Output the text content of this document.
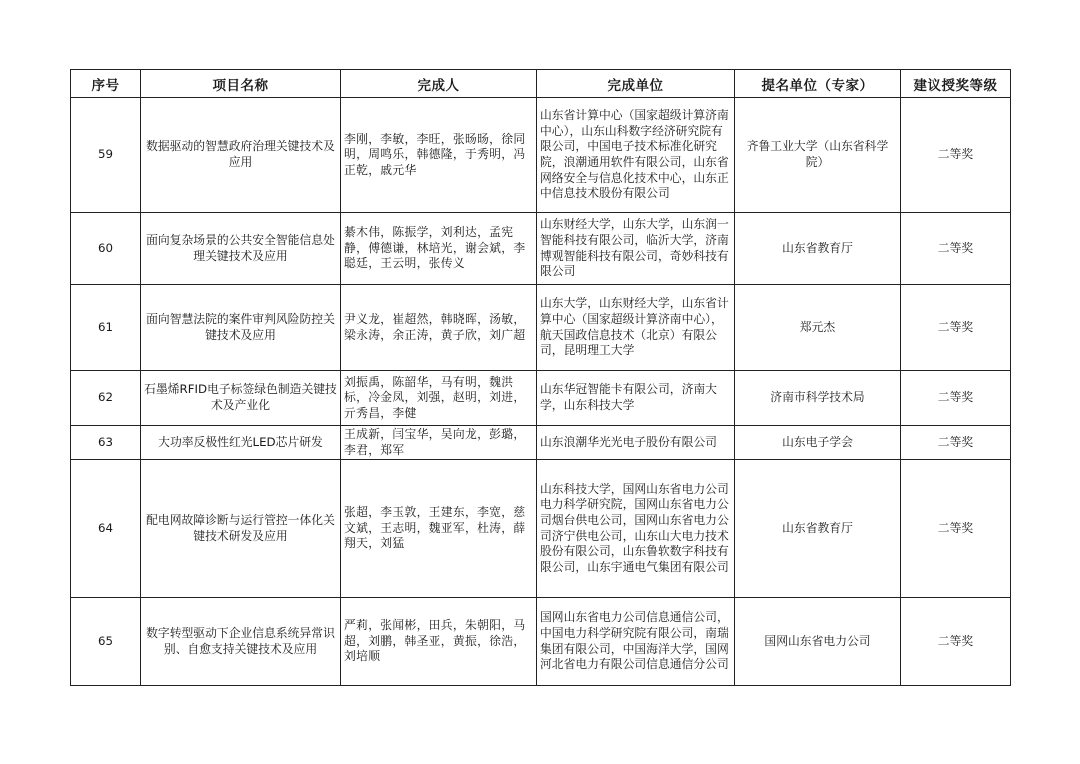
序号	项目名称	完成人	完成单位	提名单位（专家）	建议授奖等级
59	数据驱动的智慧政府治理关键技术及应用	李刚，李敏，李旺，张旸旸，徐同明，周鸣乐，韩德隆，于秀明，冯正乾，戚元华	山东省计算中心（国家超级计算济南中心），山东山科数字经济研究院有限公司，中国电子技术标准化研究院，浪潮通用软件有限公司，山东省网络安全与信息化技术中心，山东正中信息技术股份有限公司	齐鲁工业大学（山东省科学院）	二等奖
60	面向复杂场景的公共安全智能信息处理关键技术及应用	綦木伟，陈振学，刘利达，孟宪静，傅德谦，林培光，谢会斌，李聪廷，王云明，张传义	山东财经大学，山东大学，山东润一智能科技有限公司，临沂大学，济南博观智能科技有限公司，奇妙科技有限公司	山东省教育厅	二等奖
61	面向智慧法院的案件审判风险防控关键技术及应用	尹义龙，崔超然，韩晓晖，汤敏，梁永涛，余正涛，黄子欣，刘广超	山东大学，山东财经大学，山东省计算中心（国家超级计算济南中心），航天国政信息技术（北京）有限公司，昆明理工大学	郑元杰	二等奖
62	石墨烯RFID电子标签绿色制造关键技术及产业化	刘振禹，陈韶华，马有明，魏洪标，冷金凤，刘强，赵明，刘进，亓秀昌，李健	山东华冠智能卡有限公司，济南大学，山东科技大学	济南市科学技术局	二等奖
63	大功率反极性红光LED芯片研发	王成新，闫宝华，吴向龙，彭璐，李君，郑军	山东浪潮华光光电子股份有限公司	山东电子学会	二等奖
64	配电网故障诊断与运行管控一体化关键技术研发及应用	张超，李玉敦，王建东，李宽，慈文斌，王志明，魏亚军，杜涛，薛翔天，刘猛	山东科技大学，国网山东省电力公司电力科学研究院，国网山东省电力公司烟台供电公司，国网山东省电力公司济宁供电公司，山东山大电力技术股份有限公司，山东鲁软数字科技有限公司，山东宇通电气集团有限公司	山东省教育厅	二等奖
65	数字转型驱动下企业信息系统异常识别、自愈支持关键技术及应用	严莉，张闻彬，田兵，朱朝阳，马超，刘鹏，韩圣亚，黄振，徐浩，刘培顺	国网山东省电力公司信息通信公司，中国电力科学研究院有限公司，南瑞集团有限公司，中国海洋大学，国网河北省电力有限公司信息通信分公司	国网山东省电力公司	二等奖
